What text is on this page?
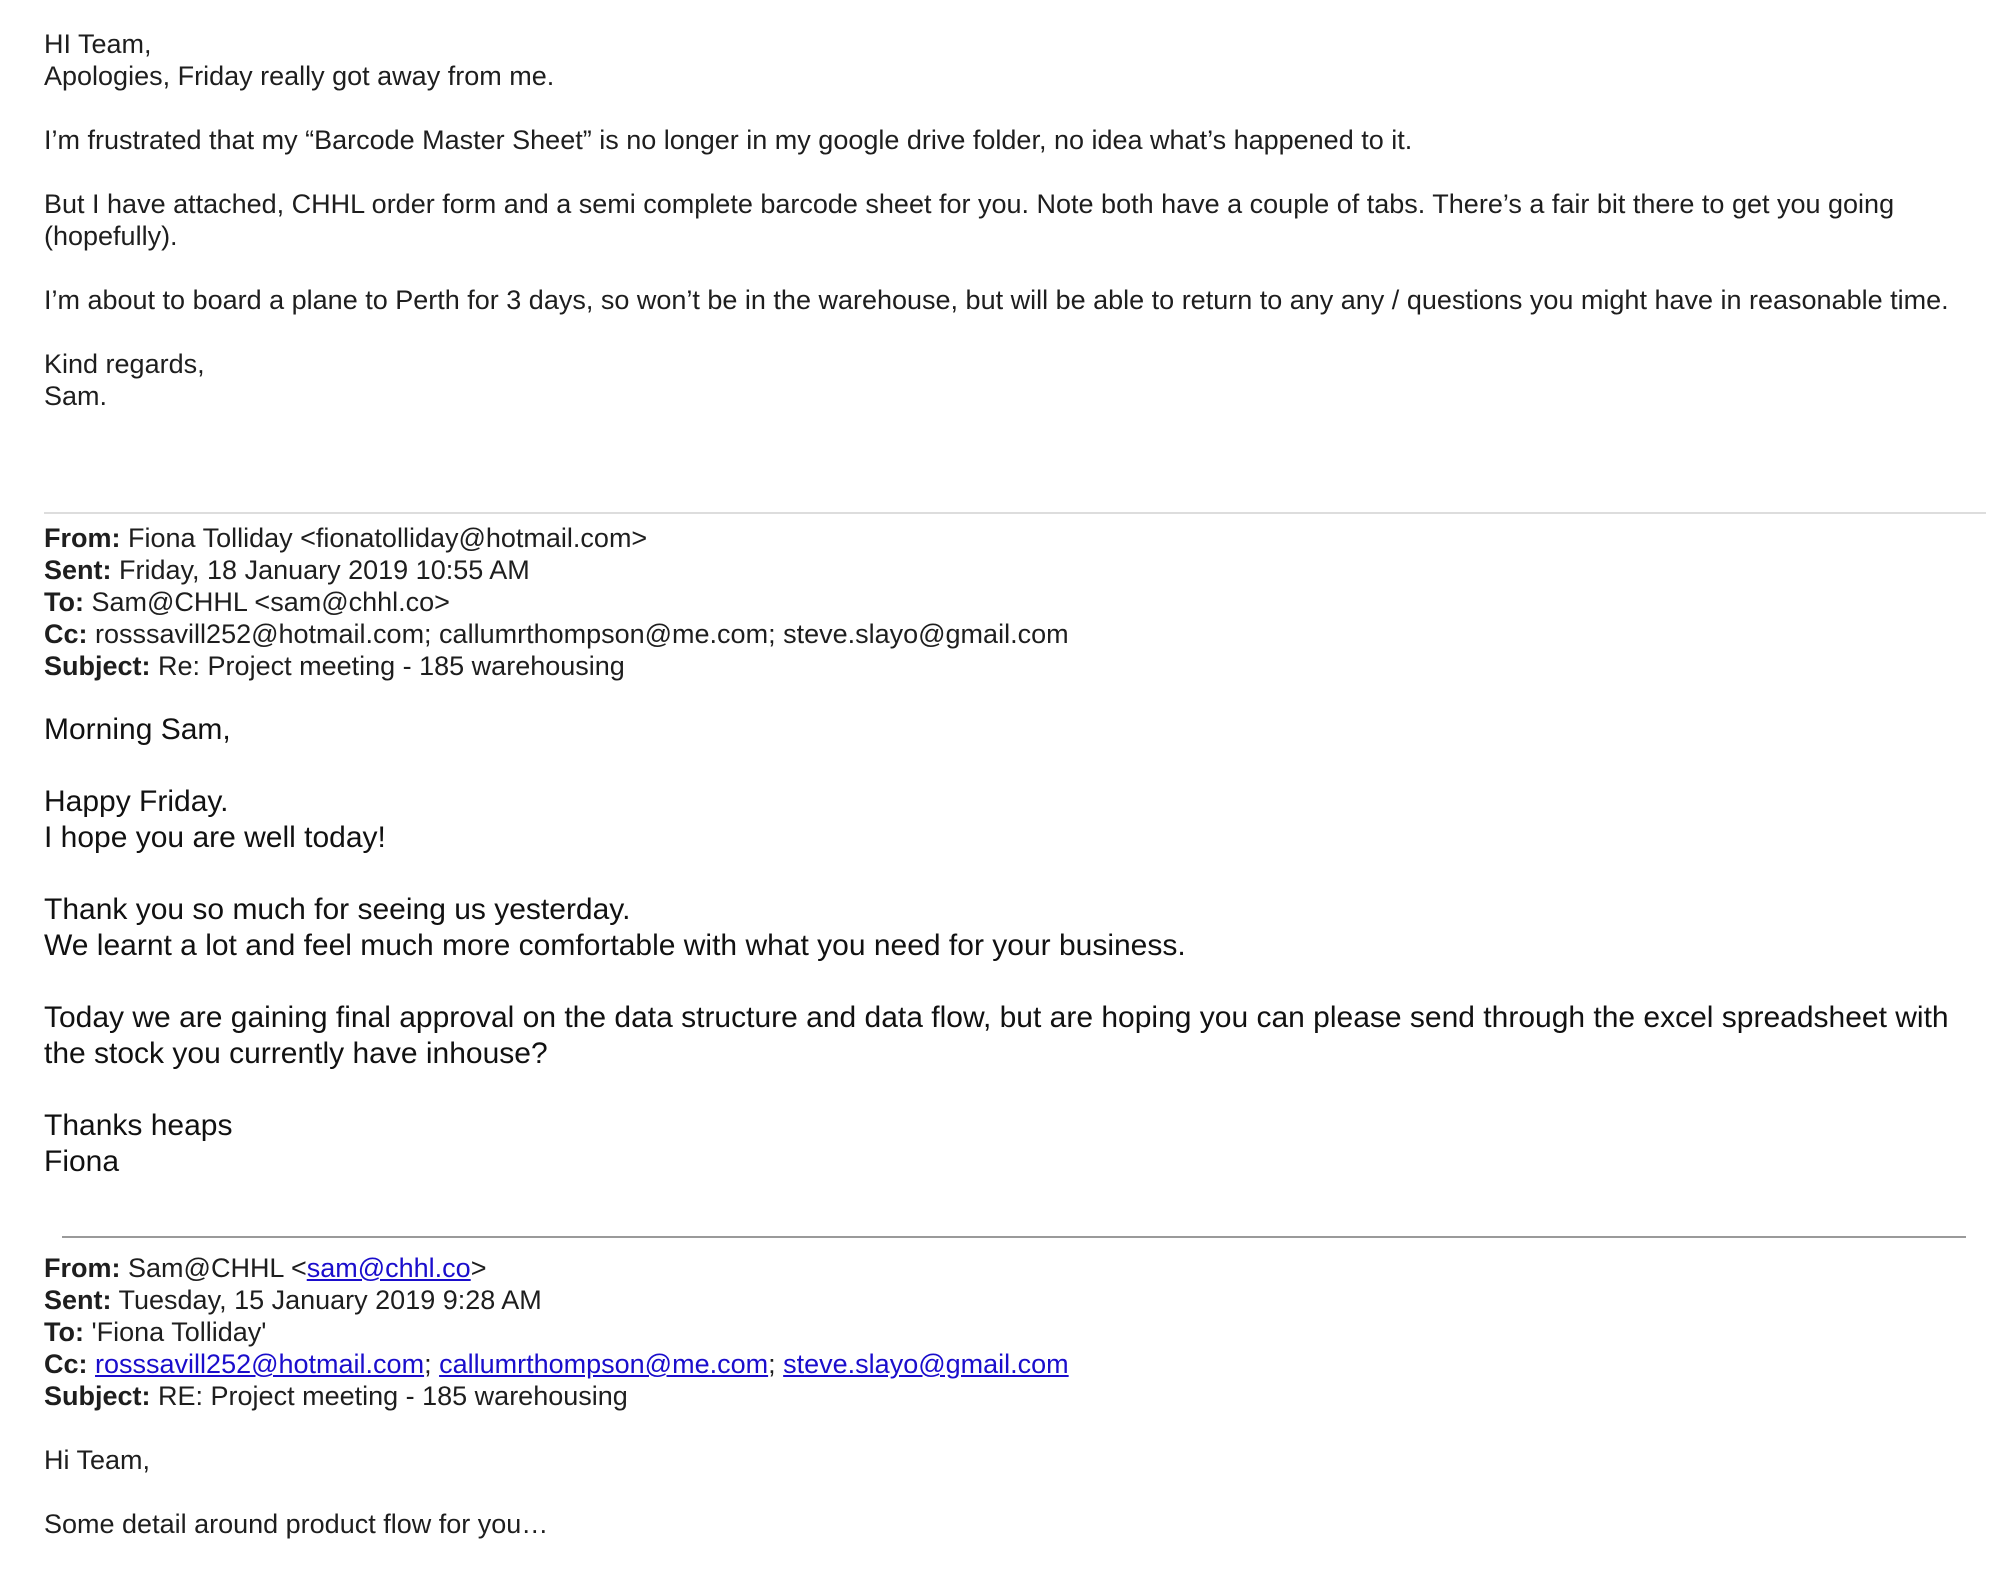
HI Team,

Apologies, Friday really got away from me.

I’m frustrated that my “Barcode Master Sheet” is no longer in my google drive folder, no idea what’s happened to it.

But I have attached, CHHL order form and a semi complete barcode sheet for you. Note both have a couple of tabs. There’s a fair bit there to get you going (hopefully).

I’m about to board a plane to Perth for 3 days, so won’t be in the warehouse, but will be able to return to any any / questions you might have in reasonable time.

Kind regards,

Sam.

From: Fiona Tolliday <fionatolliday@hotmail.com>
Sent: Friday, 18 January 2019 10:55 AM
To: Sam@CHHL <sam@chhl.co>
Cc: rosssavill252@hotmail.com; callumrthompson@me.com; steve.slayo@gmail.com
Subject: Re: Project meeting - 185 warehousing

Morning Sam,

Happy Friday.
I hope you are well today!

Thank you so much for seeing us yesterday.
We learnt a lot and feel much more comfortable with what you need for your business.

Today we are gaining final approval on the data structure and data flow, but are hoping you can please send through the excel spreadsheet with the stock you currently have inhouse?

Thanks heaps
Fiona

From: Sam@CHHL <sam@chhl.co>
Sent: Tuesday, 15 January 2019 9:28 AM
To: 'Fiona Tolliday'
Cc: rosssavill252@hotmail.com; callumrthompson@me.com; steve.slayo@gmail.com
Subject: RE: Project meeting - 185 warehousing

Hi Team,

Some detail around product flow for you…
